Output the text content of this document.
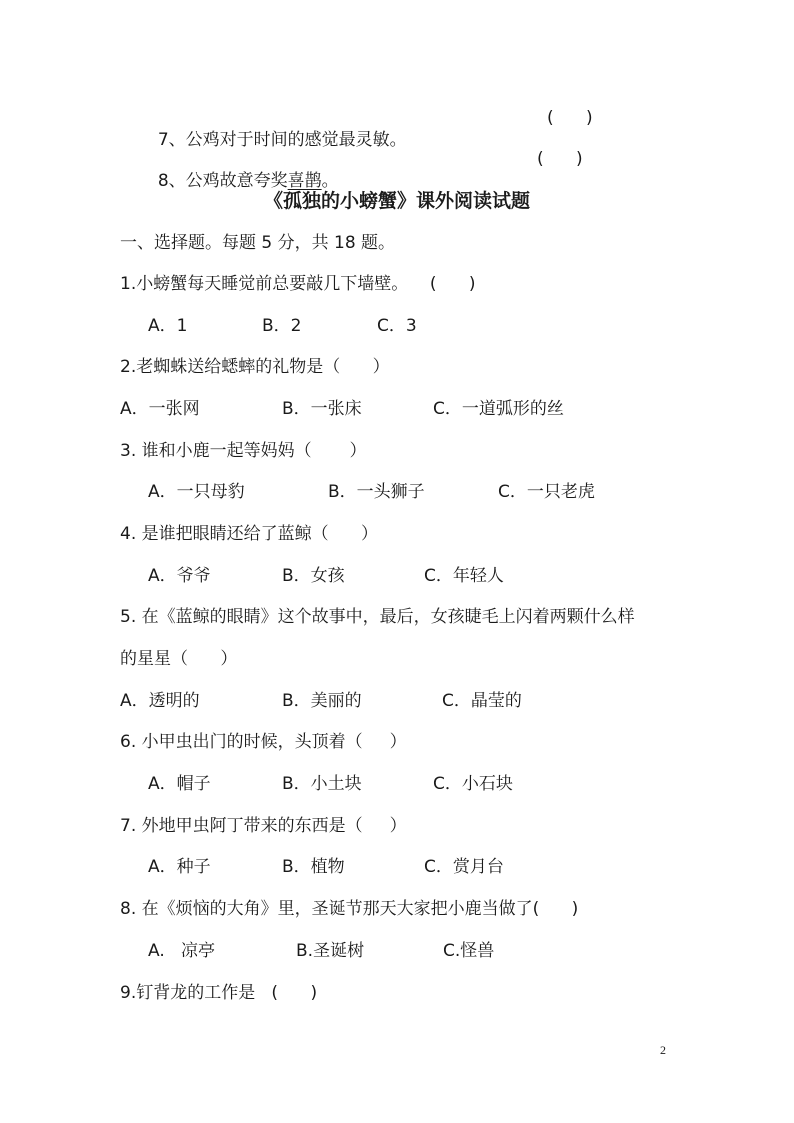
7、公鸡对于时间的感觉最灵敏。

(      )

8、公鸡故意夸奖喜鹊。

(      )
《孤独的小螃蟹》课外阅读试题
一、选择题。每题 5 分，共 18 题。
1.小螃蟹每天睡觉前总要敲几下墙壁。    (      )
A．1	B．2	C．3
2.老蜘蛛送给蟋蟀的礼物是（      ）
A．一张网	B．一张床	C．一道弧形的丝
3. 谁和小鹿一起等妈妈（       ）
A．一只母豹	B．一头狮子	C．一只老虎
4. 是谁把眼睛还给了蓝鲸（      ）
A．爷爷	B．女孩	C．年轻人
5. 在《蓝鲸的眼睛》这个故事中，最后，女孩睫毛上闪着两颗什么样
的星星（      ）
A．透明的	B．美丽的	C．晶莹的
6. 小甲虫出门的时候，头顶着（     ）
A．帽子	B．小土块	C．小石块
7. 外地甲虫阿丁带来的东西是（     ）
A．种子	B．植物	C．赏月台
8. 在《烦恼的大角》里，圣诞节那天大家把小鹿当做了(      )
A.   凉亭	B.圣诞树	C.怪兽
9.钉背龙的工作是   (      )
2
